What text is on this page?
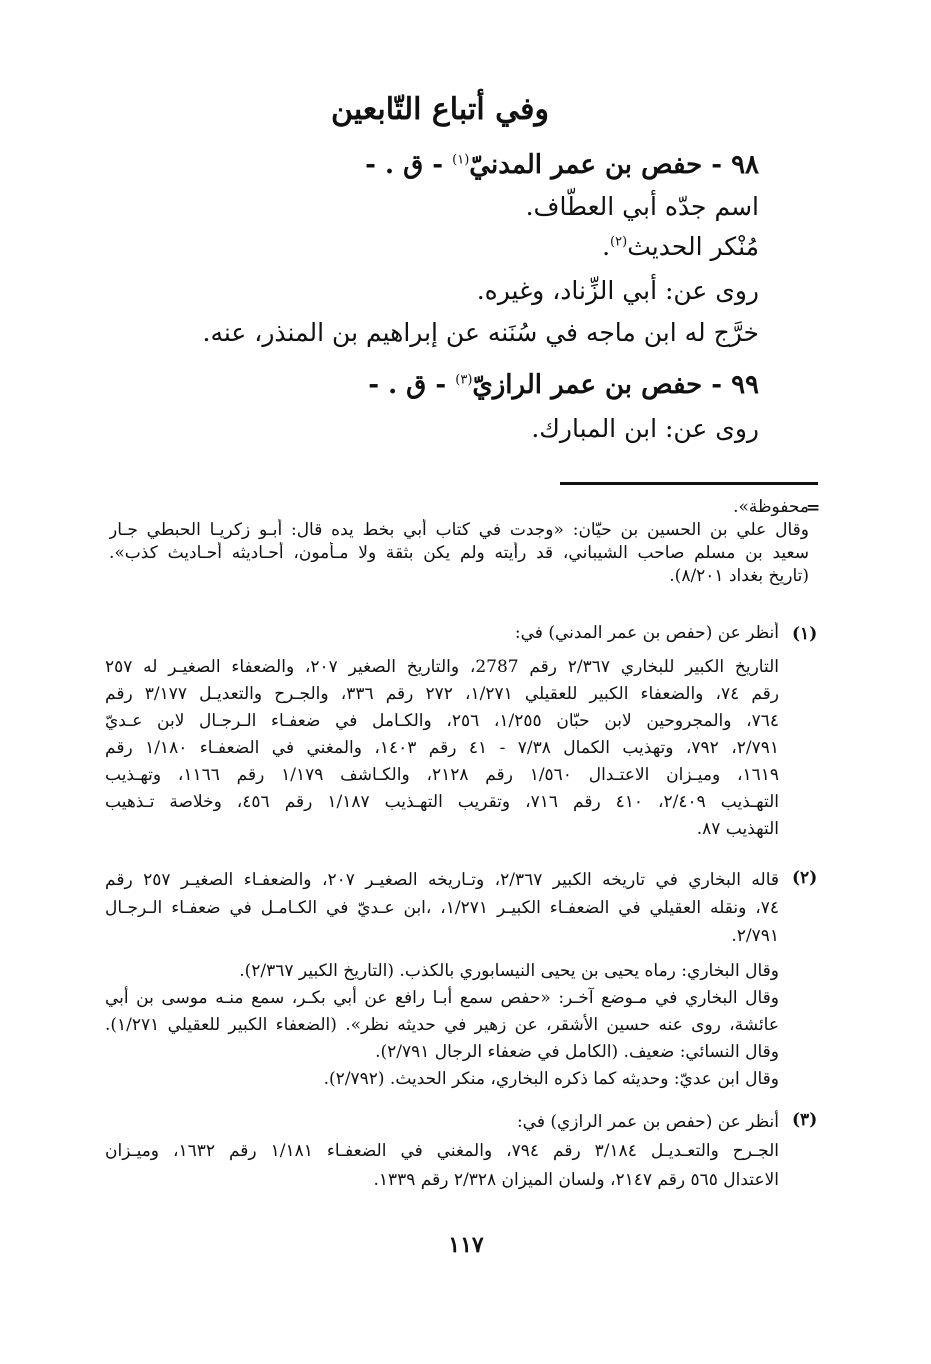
وفي أتباع التّابعين
٩٨ - حفص بن عمر المدنيّ$^{(١)}$ - ق . -
اسم جدّه أبي العطّاف.
مُنْكر الحديث$^{(٢)}$.
روى عن: أبي الزِّناد، وغيره.
خرَّج له ابن ماجه في سُنَنه عن إبراهيم بن المنذر، عنه.
٩٩ - حفص بن عمر الرازيّ$^{(٣)}$ - ق . -
روى عن: ابن المبارك.
=
محفوظة».
وقال علي بن الحسين بن حيّان: «وجدت في كتاب أبي بخط يده قال: أبـو زكريـا الحبطي جـار
سعيد بن مسلم صاحب الشيباني، قد رأيته ولم يكن بثقة ولا مـأمون، أحـاديثه أحـاديث كذب».
(تاريخ بغداد ٨/٢٠١).
(١)
أنظر عن (حفص بن عمر المدني) في:
التاريخ الكبير للبخاري ٢/٣٦٧ رقم 2787، والتاريخ الصغير ٢٠٧، والضعفاء الصغيـر له ٢٥٧
رقم ٧٤، والضعفاء الكبير للعقيلي ١/٢٧١، ٢٧٢ رقم ٣٣٦، والجـرح والتعديـل ٣/١٧٧ رقم
٧٦٤، والمجروحين لابن حبّان ١/٢٥٥، ٢٥٦، والكـامل في ضعفـاء الـرجـال لابن عـديّ
٢/٧٩١، ٧٩٢، وتهذيب الكمال ٧/٣٨ - ٤١ رقم ١٤٠٣، والمغني في الضعفـاء ١/١٨٠ رقم
١٦١٩، وميـزان الاعتـدال ١/٥٦٠ رقم ٢١٢٨، والكـاشف ١/١٧٩ رقم ١١٦٦، وتهـذيب
التهـذيب ٢/٤٠٩، ٤١٠ رقم ٧١٦، وتقريب التهـذيب ١/١٨٧ رقم ٤٥٦، وخلاصة تـذهيب
التهذيب ٨٧.
(٢)
قاله البخاري في تاريخه الكبير ٢/٣٦٧، وتـاريخه الصغيـر ٢٠٧، والضعفـاء الصغيـر ٢٥٧ رقم
٧٤، ونقله العقيلي في الضعفـاء الكبيـر ١/٢٧١، ،ابن عـديّ في الكـامـل في ضعفـاء الـرجـال
٢/٧٩١.
وقال البخاري: رماه يحيى بن يحيى النيسابوري بالكذب. (التاريخ الكبير ٢/٣٦٧).
وقال البخاري في مـوضع آخـر: «حفص سمع أبـا رافع عن أبي بكـر، سمع منـه موسى بن أبي
عائشة، روى عنه حسين الأشقر، عن زهير في حديثه نظر». (الضعفاء الكبير للعقيلي ١/٢٧١).
وقال النسائي: ضعيف. (الكامل في ضعفاء الرجال ٢/٧٩١).
وقال ابن عديّ: وحديثه كما ذكره البخاري، منكر الحديث. (٢/٧٩٢).
(٣)
أنظر عن (حفص بن عمر الرازي) في:
الجـرح والتعـديـل ٣/١٨٤ رقم ٧٩٤، والمغني في الضعفـاء ١/١٨١ رقم ١٦٣٢، وميـزان
الاعتدال ٥٦٥ رقم ٢١٤٧، ولسان الميزان ٢/٣٢٨ رقم ١٣٣٩.
١١٧
